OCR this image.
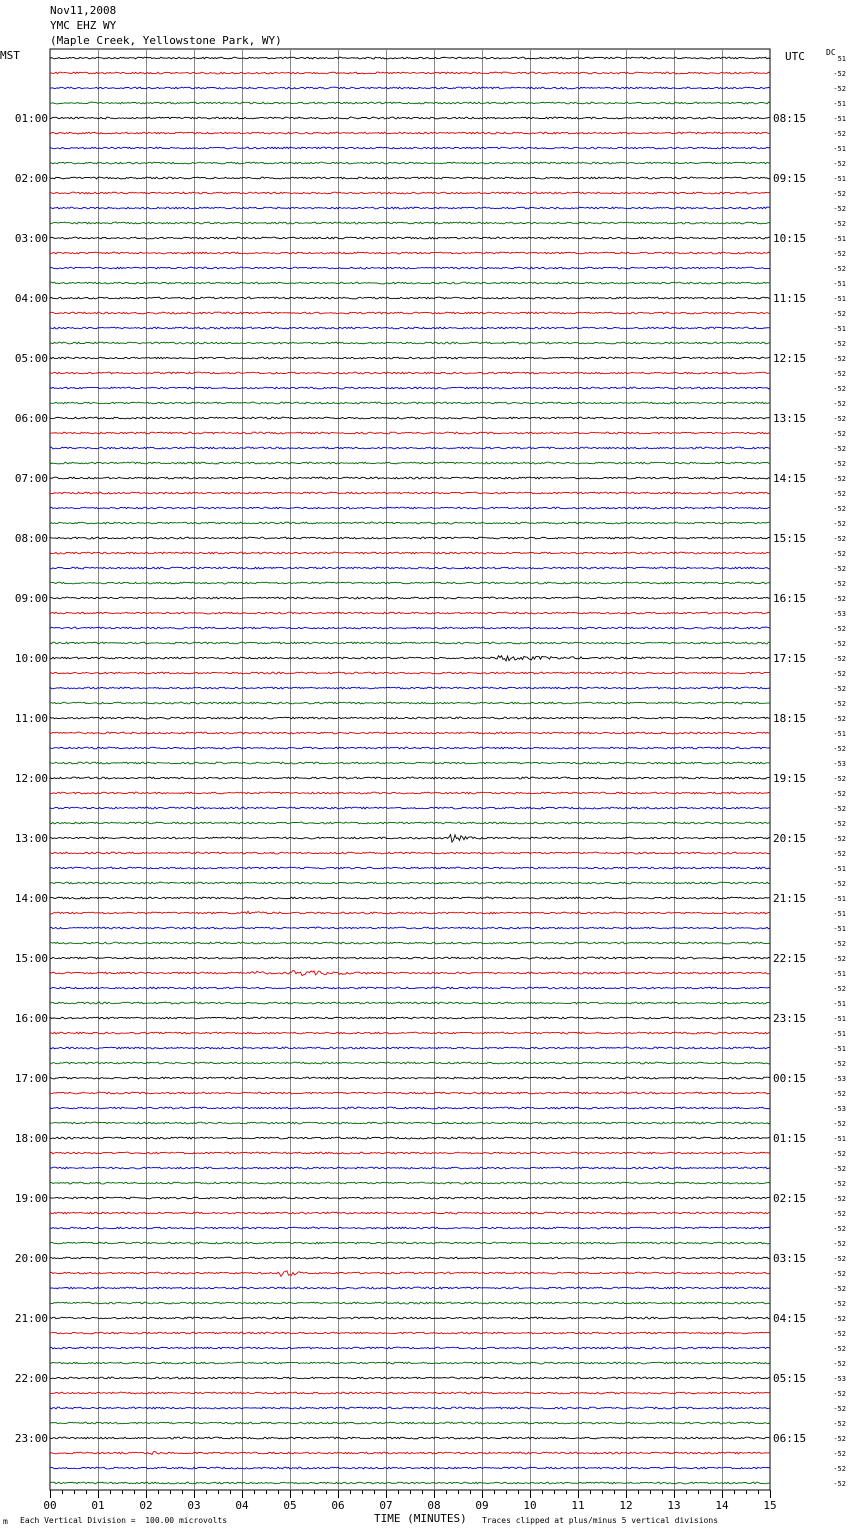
Nov11,2008
YMC EHZ WY
(Maple Creek, Yellowstone Park, WY)
MST	UTC	DC
00	01	02	03	04	05	06	07	08	09	10	11	12	13	14	15
51
-52
-52
-51
-51
-52
-51
-52
-51
-52
-52
-52
-51
-52
-52
-51
-51
-52
-51
-52
-52
-52
-52
-52
-52
-52
-52
-52
-52
-52
-52
-52
-52
-52
-52
-52
-52
-53
-52
-52
-52
-52
-52
-52
-52
-51
-52
-53
-52
-52
-52
-52
-52
-52
-51
-52
-51
-51
-51
-52
-52
-51
-52
-51
-51
-51
-51
-52
-53
-52
-53
-52
-51
-52
-52
-52
-52
-52
-52
-52
-52
-52
-52
-52
-52
-52
-52
-52
-53
-52
-52
-52
-52
-52
-52
-52
01:00
02:00
03:00
04:00
05:00
06:00
07:00
08:00
09:00
10:00
11:00
12:00
13:00
14:00
15:00
16:00
17:00
18:00
19:00
20:00
21:00
22:00
23:00
08:15
09:15
10:15
11:15
12:15
13:15
14:15
15:15
16:15
17:15
18:15
19:15
20:15
21:15
22:15
23:15
00:15
01:15
02:15
03:15
04:15
05:15
06:15
m Each Vertical Division =  100.00 microvolts	TIME (MINUTES) Traces clipped at plus/minus 5 vertical divisions
